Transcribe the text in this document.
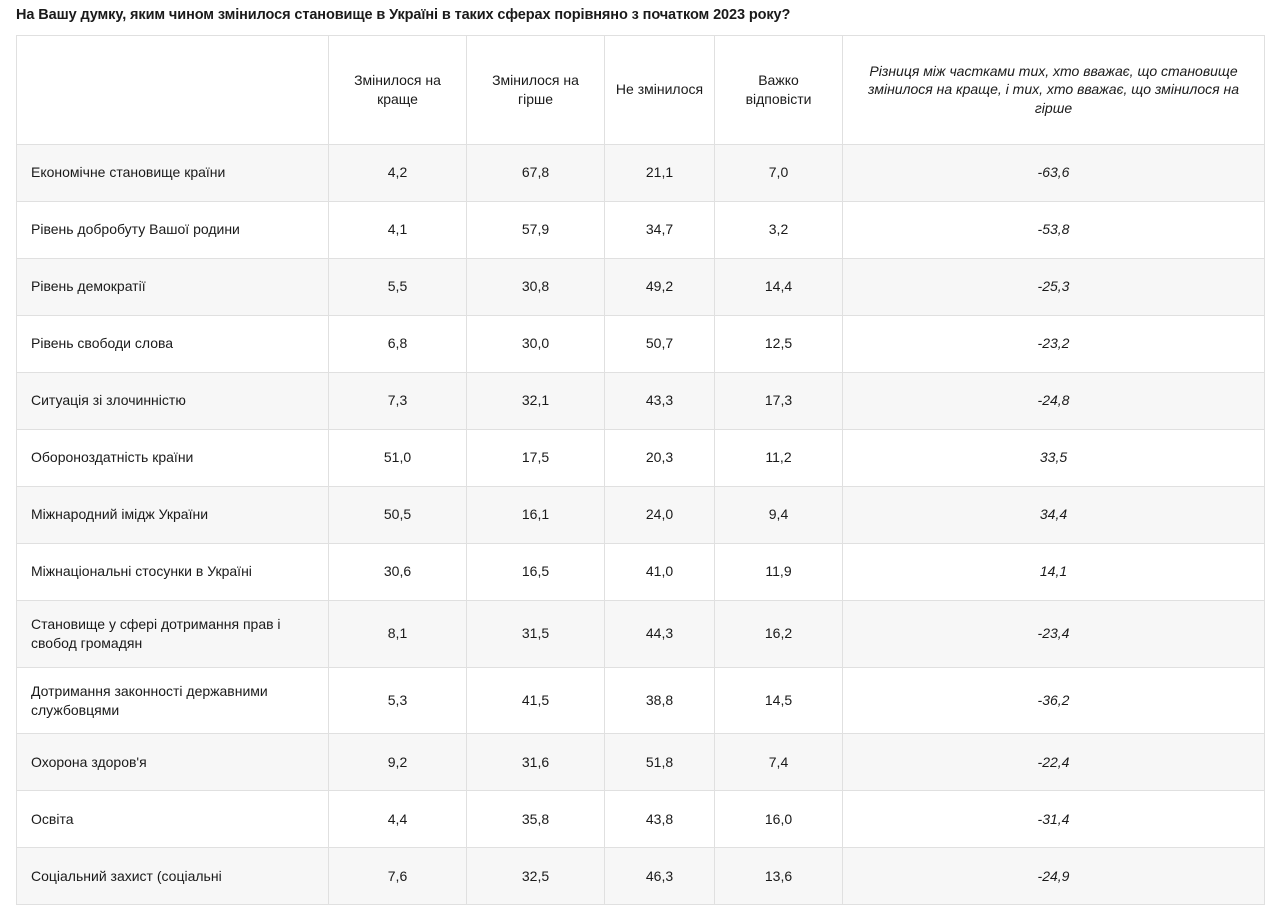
На Вашу думку, яким чином змінилося становище в Україні в таких сферах порівняно з початком 2023 року?
	Змінилося на краще	Змінилося на гірше	Не змінилося	Важко відповісти	Різниця між частками тих, хто вважає, що становище змінилося на краще, і тих, хто вважає, що змінилося на гірше
Економічне становище країни	4,2	67,8	21,1	7,0	-63,6
Рівень добробуту Вашої родини	4,1	57,9	34,7	3,2	-53,8
Рівень демократії	5,5	30,8	49,2	14,4	-25,3
Рівень свободи слова	6,8	30,0	50,7	12,5	-23,2
Ситуація зі злочинністю	7,3	32,1	43,3	17,3	-24,8
Обороноздатність країни	51,0	17,5	20,3	11,2	33,5
Міжнародний імідж України	50,5	16,1	24,0	9,4	34,4
Міжнаціональні стосунки в Україні	30,6	16,5	41,0	11,9	14,1
Становище у сфері дотримання прав і свобод громадян	8,1	31,5	44,3	16,2	-23,4
Дотримання законності державними службовцями	5,3	41,5	38,8	14,5	-36,2
Охорона здоров'я	9,2	31,6	51,8	7,4	-22,4
Освіта	4,4	35,8	43,8	16,0	-31,4
Соціальний захист (соціальні	7,6	32,5	46,3	13,6	-24,9
